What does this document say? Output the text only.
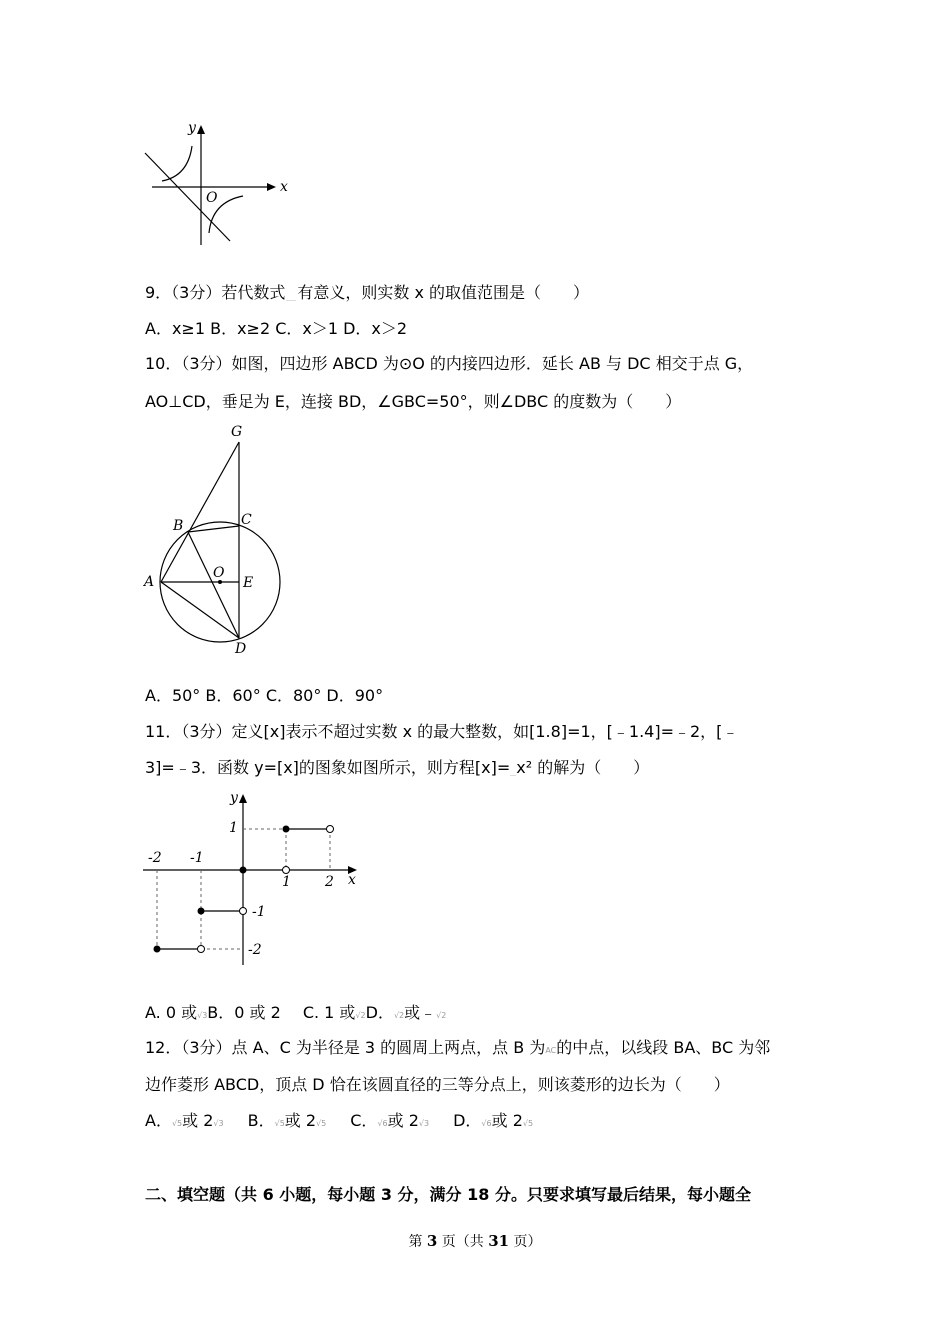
x
y
O
9．（3分）若代数式 有意义，则实数 x 的取值范围是（　　）
A．x≥1 B．x≥2 C．x＞1 D．x＞2
10．（3分）如图，四边形 ABCD 为⊙O 的内接四边形．延长 AB 与 DC 相交于点 G，
AO⊥CD，垂足为 E，连接 BD，∠GBC=50°，则∠DBC 的度数为（　　）
G
B	C
A
O
E
D
A．50° B．60° C．80° D．90°
11．（3分）定义[x]表示不超过实数 x 的最大整数，如[1.8]=1，[﹣1.4]=﹣2，[﹣
3]=﹣3．函数 y=[x]的图象如图所示，则方程[x]= x² 的解为（　　）
-2 -1
1 2
1
-1
-2
x
y
A. 0 或√3B．0 或 2 C. 1 或√2D．√2或﹣√2
12．（3分）点 A、C 为半径是 3 的圆周上两点，点 B 为AC的中点，以线段 BA、BC 为邻
边作菱形 ABCD，顶点 D 恰在该圆直径的三等分点上，则该菱形的边长为（　　）
A．√5或 2√3 B．√5或 2√5 C．√6或 2√3 D．√6或 2√5
二、填空题（共 6 小题，每小题 3 分，满分 18 分。只要求填写最后结果，每小题全
第 3 页（共 31 页）
